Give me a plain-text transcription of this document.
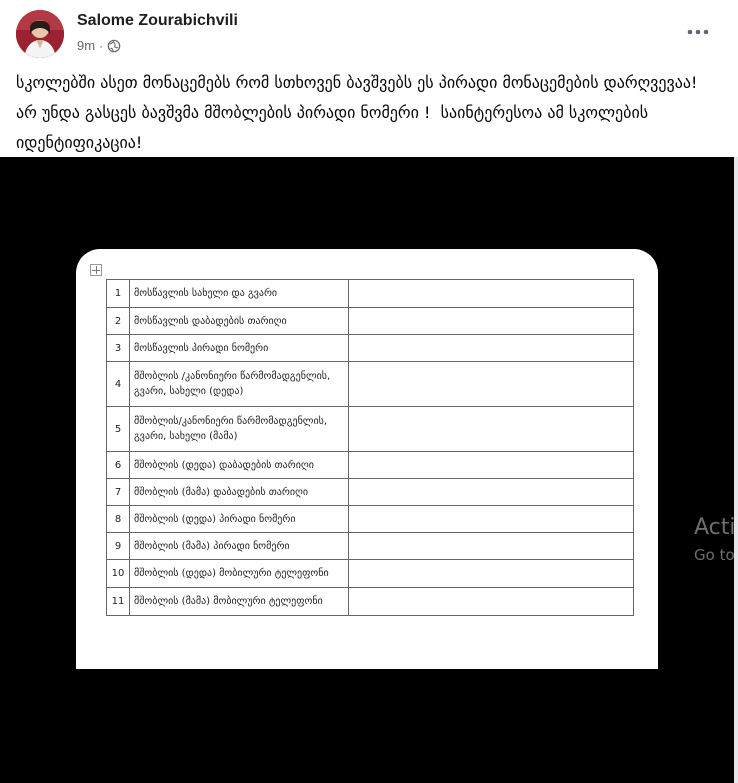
Salome Zourabichvili
9m ·
სკოლებში ასეთ მონაცემებს რომ სთხოვენ ბავშვებს ეს პირადი მონაცემების დარღვევაა!  არ უნდა გასცეს ბავშვმა მშობლების პირადი ნომერი !  საინტერესოა ამ სკოლების იდენტიფიკაცია!
1	მოსწავლის სახელი და გვარი	
2	მოსწავლის დაბადების თარიღი	
3	მოსწავლის პირადი ნომერი	
4	მშობლის /კანონიერი წარმომადგენლის, გვარი, სახელი (დედა)	
5	მშობლის/კანონიერი წარმომადგენლის, გვარი, სახელი (მამა)	
6	მშობლის (დედა) დაბადების თარიღი	
7	მშობლის (მამა) დაბადების თარიღი	
8	მშობლის (დედა) პირადი ნომერი	
9	მშობლის (მამა) პირადი ნომერი	
10	მშობლის (დედა) მობილური ტელეფონი	
11	მშობლის (მამა) მობილური ტელეფონი	
Acti
Go to
